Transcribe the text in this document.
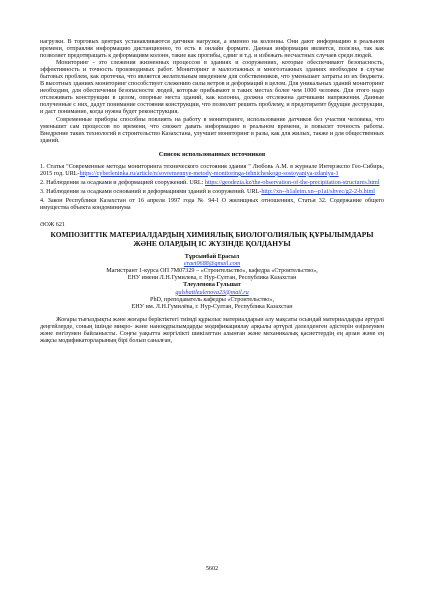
нагрузки. В торговых центрах устанавливаются датчики нагрузки, а именно на колонны. Они дают информацию в реальном времени, отправляя информацию дистанционно, то есть в онлайн формате. Данная информация является, полезна, так как позволяет предотвращать к деформациям колонн, такие как прогибы, сдвиг и т.д. и избежать несчастных случаев среди людей.

Мониторинг - это слежения жизненных процессов в зданиях и сооружениях, которые обеспечивают безопасность, эффективность и точность производимых работ. Мониторинг в малоэтажных и многоэтажных зданиях необходим в случае бытовых проблем, как протечка, что является желательным введением для собственников, что уменьшает затраты из их бюджета. В высотных зданиях мониторинг способствует слежению силы ветров и деформаций в целом. Для уникальных зданий мониторинг необходим, для обеспечения безопасности людей, которые прибывают в таких местах более чем 1000 человек. Для этого надо отслеживать конструкции в целом, опорные места зданий, как колонна, должна отслежена датчиками напряжения. Данные полученные с них, дадут понимание состояния конструкции, что позволит решить проблему, и предотвратит будущие деструкции, и даст понимание, когда нужна будет реконструкция.

Современные приборы способны повлиять на работу в мониторинге, использование датчиков без участия человека, что уменьшит сам процессов по времени, что сможет давать информацию в реальном времени, и повысит точность работы. Внедрение таких технологий в строительство Казахстана, улучшит мониторинг в разы, как для жилых, также и для общественных зданий.

Список использованных источников

1. Статья "Современные методы мониторинга технического состояния здания " Любовь А.М. в журнале Интерэкспо Гео-Сибирь, 2015 год. URL-https://cyberleninka.ru/article/n/sovremennye-metody-monitoringa-tehnicheskogo-sostoyaniya-zdaniya-1

2. Наблюдения за осадками и деформацией сооружений. URL: https://geodezia.kz/the-observation-of-the-precipitation-structures.html

3. Наблюдения за осадками оснований и деформациями зданий и сооружений. URL-http://xn--h1aleim.xn--p1ai/shvec/g2-2-b.html

4. Закон Республики Казахстан от 16 апреля 1997 года № 94-I О жилищных отношениях, Статья 32. Содержание общего имущества объекта кондоминиума

ӘОЖ 621

КОМПОЗИТТІК МАТЕРИАЛДАРДЫҢ ХИМИЯЛЫҚ БИОЛОГОЛИЯЛЫҚ ҚҰРЫЛЫМДАРЫ ЖӘНЕ ОЛАРДЫҢ ІС ЖҮЗІНДЕ ҚОЛДАНУЫ
Тұрсынбай Ерасыл
eraet0688@gmail.com
Магистрант 1-курса ОП 7М07329 – «Строительство», кафедра «Строительство»,
ЕНУ имени Л.Н.Гумилева, г. Нур-Султан, Республика Казахстан
Тлеуленова Гульшат
gulshattleulenova23@mail.ru
PhD, преподаватель кафедры «Строительство»,
ЕНУ им. Л.Н.Гумилёва, г. Нур-Султан, Республика Казахстан

Жоғары тығыздықты және жоғары беріктіктегі тиімді құрылыс материалдарын алу мақсаты осындай материалдарды әртүрлі деңгейлерде, соның ішінде микро- және наноқұрылымдарды модификациялау арқылы әртүрлі дәлелденген әдістерін өзірлеумен және енгізумен байланысты. Соңғы уақытта жергілікті шикізаттан алынған және механикалық қасиеттердің ең арзан және ең жақсы модификаторларының бірі болып саналған,

5602
